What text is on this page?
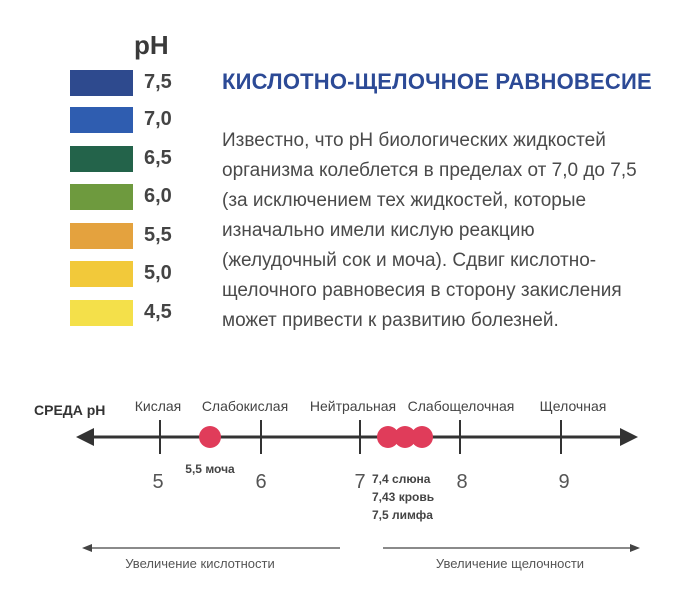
pH
7,5
7,0
6,5
6,0
5,5
5,0
4,5
КИСЛОТНО-ЩЕЛОЧНОЕ РАВНОВЕСИЕ
Известно, что pH биологических жидкостей
организма колеблется в пределах от 7,0 до 7,5
(за исключением тех жидкостей, которые
изначально имели кислую реакцию
(желудочный сок и моча). Сдвиг кислотно-
щелочного равновесия в сторону закисления
может привести к развитию болезней.
СРЕДА pH Кислая Слабокислая Нейтральная Слабощелочная Щелочная
5	6	7	8	9
5,5 моча
7,4 слюна
7,43 кровь
7,5 лимфа
Увеличение кислотности	Увеличение щелочности
